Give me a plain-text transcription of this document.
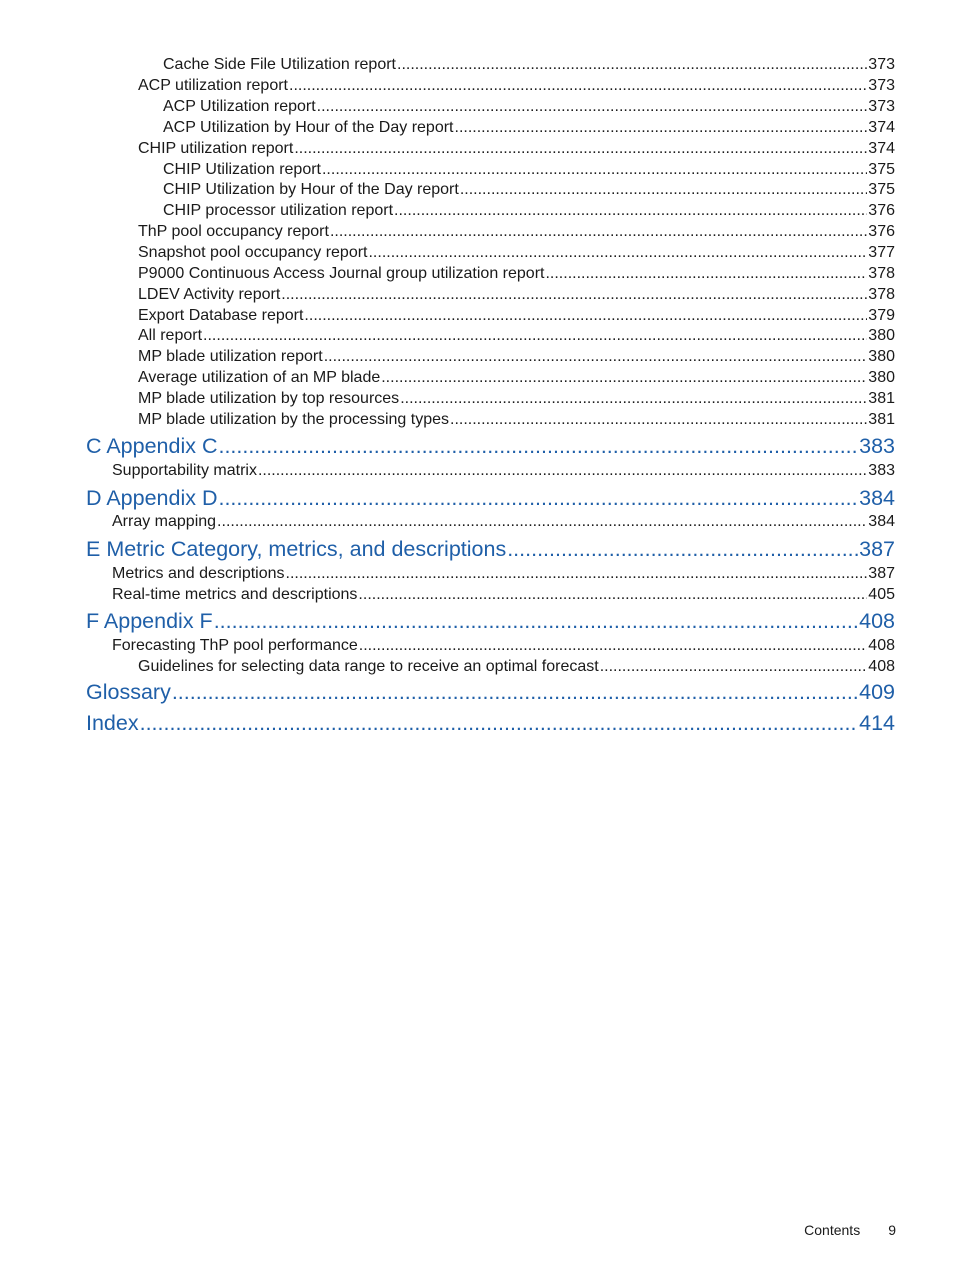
Cache Side File Utilization report .....	373
ACP utilization report .....	373
ACP Utilization report .....	373
ACP Utilization by Hour of the Day report .....	374
CHIP utilization report .....	374
CHIP Utilization report .....	375
CHIP Utilization by Hour of the Day report .....	375
CHIP processor utilization report .....	376
ThP pool occupancy report .....	376
Snapshot pool occupancy report .....	377
P9000 Continuous Access Journal group utilization report .....	378
LDEV Activity report .....	378
Export Database report .....	379
All report .....	380
MP blade utilization report .....	380
Average utilization of an MP blade .....	380
MP blade utilization by top resources .....	381
MP blade utilization by the processing types .....	381
C Appendix C .....	383
Supportability matrix .....	383
D Appendix D .....	384
Array mapping .....	384
E Metric Category, metrics, and descriptions .....	387
Metrics and descriptions .....	387
Real-time metrics and descriptions .....	405
F Appendix F .....	408
Forecasting ThP pool performance .....	408
Guidelines for selecting data range to receive an optimal forecast .....	408
Glossary .....	409
Index .....	414
Contents 9
